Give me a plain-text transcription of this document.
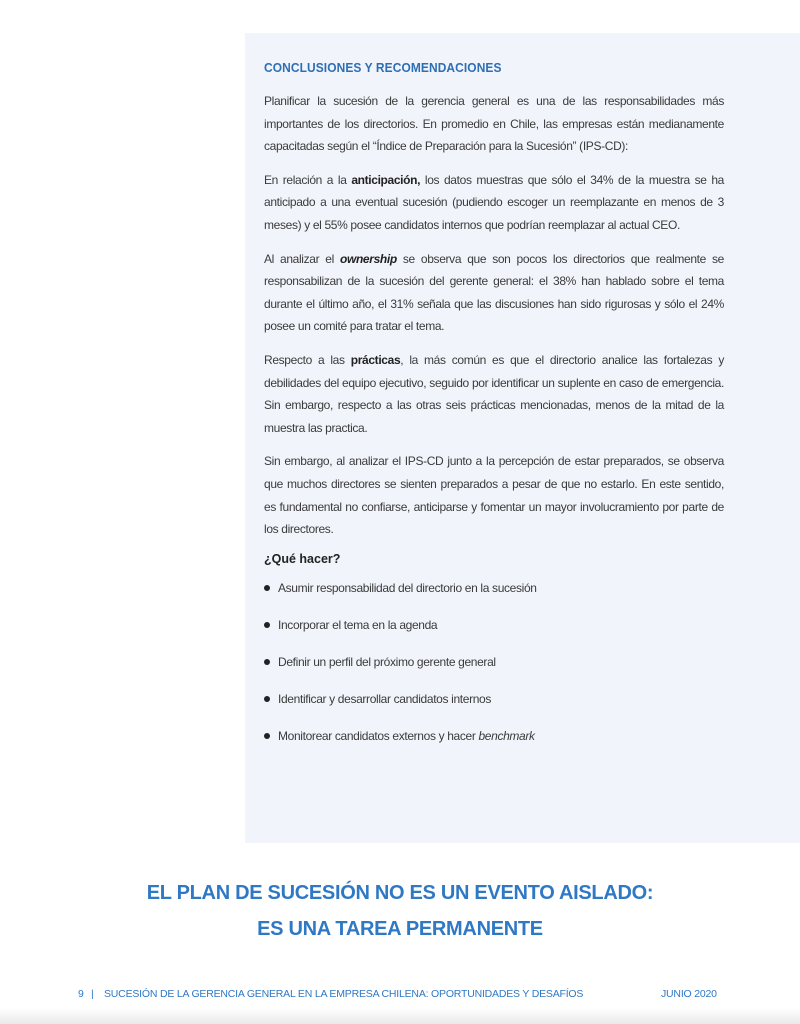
CONCLUSIONES Y RECOMENDACIONES

Planificar la sucesión de la gerencia general es una de las responsabilidades más importantes de los directorios. En promedio en Chile, las empresas están medianamente capacitadas según el “Índice de Preparación para la Sucesión” (IPS-CD):

En relación a la anticipación, los datos muestras que sólo el 34% de la muestra se ha anticipado a una eventual sucesión (pudiendo escoger un reemplazante en menos de 3 meses) y el 55% posee candidatos internos que podrían reemplazar al actual CEO.

Al analizar el ownership se observa que son pocos los directorios que realmente se responsabilizan de la sucesión del gerente general: el 38% han hablado sobre el tema durante el último año, el 31% señala que las discusiones han sido rigurosas y sólo el 24% posee un comité para tratar el tema.

Respecto a las prácticas, la más común es que el directorio analice las fortalezas y debilidades del equipo ejecutivo, seguido por identificar un suplente en caso de emergencia. Sin embargo, respecto a las otras seis prácticas mencionadas, menos de la mitad de la muestra las practica.

Sin embargo, al analizar el IPS-CD junto a la percepción de estar preparados, se observa que muchos directores se sienten preparados a pesar de que no estarlo. En este sentido, es fundamental no confiarse, anticiparse y fomentar un mayor involucramiento por parte de los directores.

¿Qué hacer?
Asumir responsabilidad del directorio en la sucesión
Incorporar el tema en la agenda
Definir un perfil del próximo gerente general
Identificar y desarrollar candidatos internos
Monitorear candidatos externos y hacer benchmark
EL PLAN DE SUCESIÓN NO ES UN EVENTO AISLADO:
ES UNA TAREA PERMANENTE
9 | SUCESIÓN DE LA GERENCIA GENERAL EN LA EMPRESA CHILENA: OPORTUNIDADES Y DESAFÍOS	JUNIO 2020
